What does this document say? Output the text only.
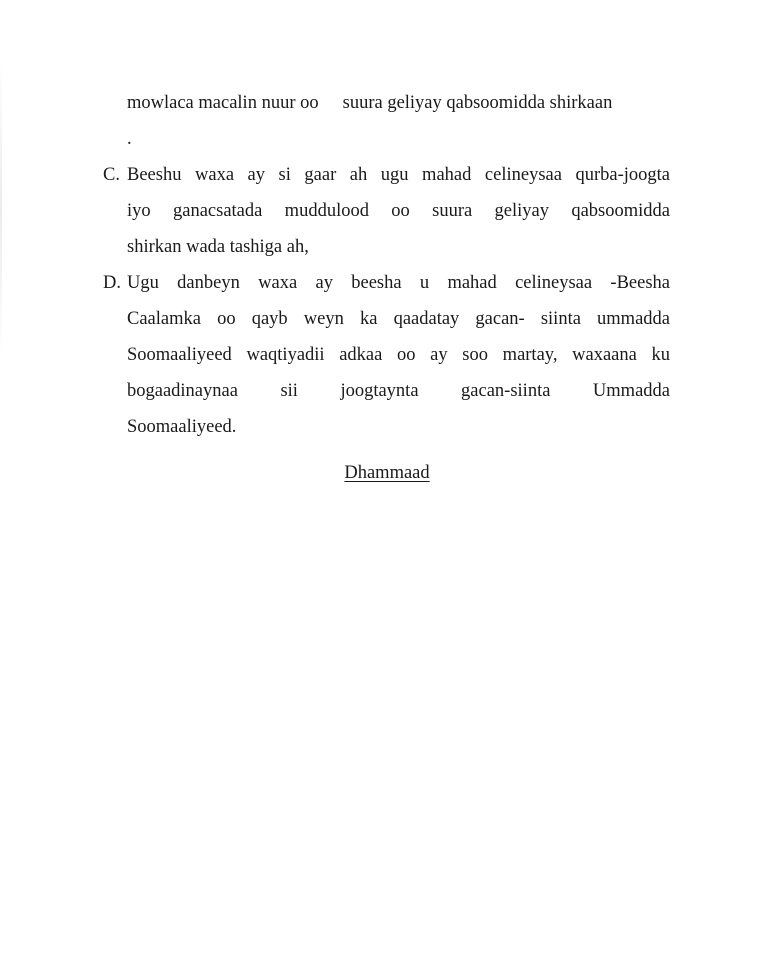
mowlaca macalin nuur oo suura geliyay qabsoomidda shirkaan
.
C. Beeshu waxa ay si gaar ah ugu mahad celineysaa qurba-joogta
iyo ganacsatada muddulood oo suura geliyay qabsoomidda
shirkan wada tashiga ah,
D. Ugu danbeyn waxa ay beesha u mahad celineysaa -Beesha
Caalamka oo qayb weyn ka qaadatay gacan- siinta ummadda
Soomaaliyeed waqtiyadii adkaa oo ay soo martay, waxaana ku
bogaadinaynaa sii joogtaynta gacan-siinta Ummadda
Soomaaliyeed.
Dhammaad
